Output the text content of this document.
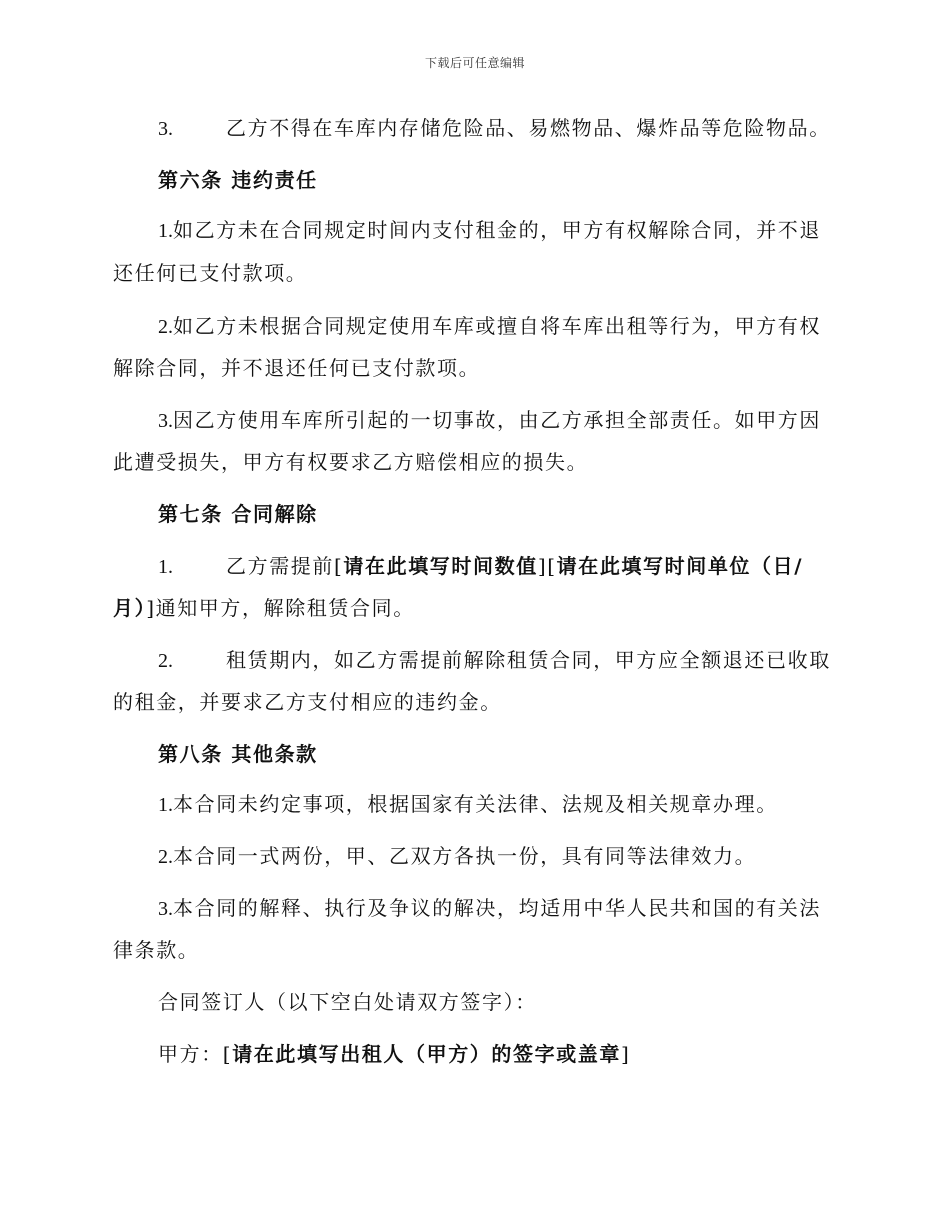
下载后可任意编辑
3.	乙方不得在车库内存储危险品、易燃物品、爆炸品等危险物品。
第六条 违约责任
1.如乙方未在合同规定时间内支付租金的，甲方有权解除合同，并不退
还任何已支付款项。
2.如乙方未根据合同规定使用车库或擅自将车库出租等行为，甲方有权
解除合同，并不退还任何已支付款项。
3.因乙方使用车库所引起的一切事故，由乙方承担全部责任。如甲方因
此遭受损失，甲方有权要求乙方赔偿相应的损失。
第七条 合同解除
1.	乙方需提前[请在此填写时间数值][请在此填写时间单位（日/
月）]通知甲方，解除租赁合同。
2.	租赁期内，如乙方需提前解除租赁合同，甲方应全额退还已收取
的租金，并要求乙方支付相应的违约金。
第八条 其他条款
1.本合同未约定事项，根据国家有关法律、法规及相关规章办理。
2.本合同一式两份，甲、乙双方各执一份，具有同等法律效力。
3.本合同的解释、执行及争议的解决，均适用中华人民共和国的有关法
律条款。
合同签订人（以下空白处请双方签字）：
甲方：[请在此填写出租人（甲方）的签字或盖章]
